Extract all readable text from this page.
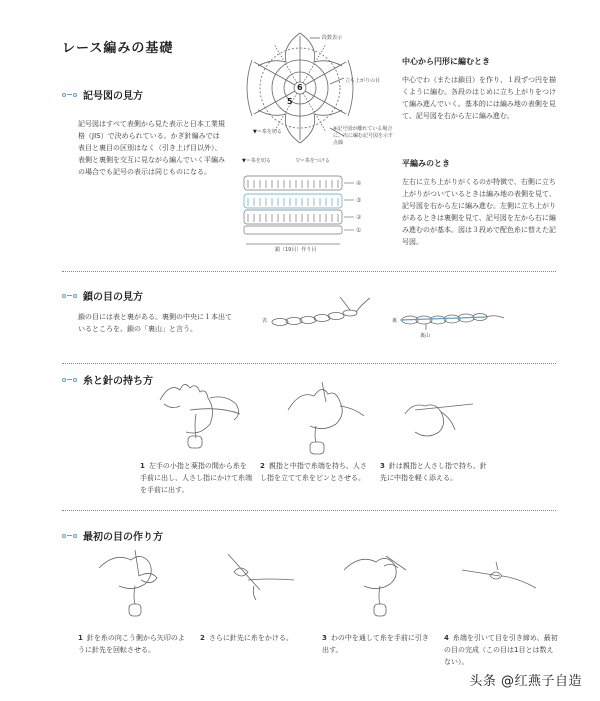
レース編みの基礎
記号図の見方
記号図はすべて表側から見た表示と日本工業規格（JIS）で決められている。かぎ針編みでは表目と裏目の区別はなく（引き上げ目以外）、表側と裏側を交互に見ながら編んでいく平編みの場合でも記号の表示は同じものになる。
6
5
段数表示
立ち上がりの目
▼＝糸を切る	※記号図が離れている場合に、次に編む記号図を示す点線
▼＝糸を切る	▽＝糸をつける
④
③
②
①
鎖（19目）作り目
中心から円形に編むとき
中心でわ（または鎖目）を作り、１段ずつ円を描くように編む。各段のはじめに立ち上がりをつけて編み進んでいく。基本的には編み地の表側を見て、記号図を右から左に編み進む。
平編みのとき
左右に立ち上がりがくるのが特徴で、右側に立ち上がりがついているときは編み地の表側を見て、記号図を右から左に編み進む。左側に立ち上がりがあるときは裏側を見て、記号図を左から右に編み進むのが基本。図は３段めで配色糸に替えた記号図。
鎖の目の見方
鎖の目には表と裏がある。裏側の中央に１本出ているところを、鎖の「裏山」と言う。
表	裏
裏山
糸と針の持ち方
1 左手の小指と薬指の間から糸を手前に出し、人さし指にかけて糸端を手前に出す。
2 親指と中指で糸端を持ち、人さし指を立てて糸をピンとさせる。
3 針は親指と人さし指で持ち、針先に中指を軽く添える。
最初の目の作り方
1 針を糸の向こう側から矢印のように針先を回転させる。
2 さらに針先に糸をかける。	3 わの中を通して糸を手前に引き出す。
4 糸端を引いて目を引き締め、最初の目の完成（この目は1目とは数えない）。
头条 @红燕子自造
